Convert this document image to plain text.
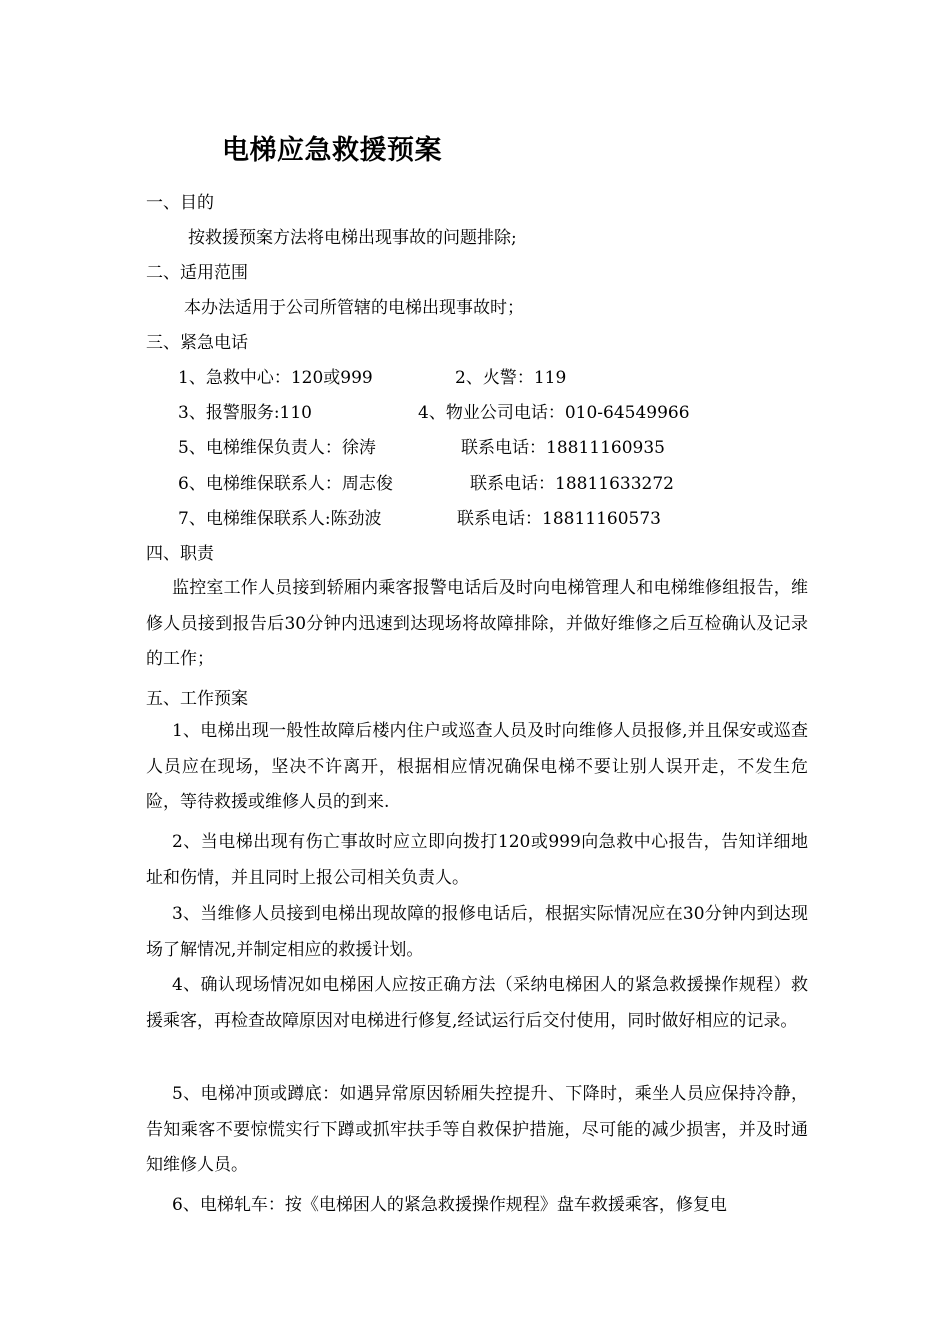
电梯应急救援预案
一、目的
按救援预案方法将电梯出现事故的问题排除;
二、适用范围
本办法适用于公司所管辖的电梯出现事故时；
三、紧急电话
1、急救中心：120或999	2、火警：119
3、报警服务:110	4、物业公司电话：010-64549966
5、电梯维保负责人：徐涛	联系电话：18811160935
6、电梯维保联系人：周志俊	联系电话：18811633272
7、电梯维保联系人:陈劲波	联系电话：18811160573
四、职责
监控室工作人员接到轿厢内乘客报警电话后及时向电梯管理人和电梯维修组报告，维修人员接到报告后30分钟内迅速到达现场将故障排除，并做好维修之后互检确认及记录的工作；
五、工作预案
1、电梯出现一般性故障后楼内住户或巡查人员及时向维修人员报修,并且保安或巡查人员应在现场，坚决不许离开，根据相应情况确保电梯不要让别人误开走，不发生危险，等待救援或维修人员的到来.
2、当电梯出现有伤亡事故时应立即向拨打120或999向急救中心报告，告知详细地址和伤情，并且同时上报公司相关负责人。
3、当维修人员接到电梯出现故障的报修电话后，根据实际情况应在30分钟内到达现场了解情况,并制定相应的救援计划。
4、确认现场情况如电梯困人应按正确方法（采纳电梯困人的紧急救援操作规程）救援乘客，再检查故障原因对电梯进行修复,经试运行后交付使用，同时做好相应的记录。
5、电梯冲顶或蹲底：如遇异常原因轿厢失控提升、下降时，乘坐人员应保持冷静，告知乘客不要惊慌实行下蹲或抓牢扶手等自救保护措施，尽可能的减少损害，并及时通知维修人员。
6、电梯轧车：按《电梯困人的紧急救援操作规程》盘车救援乘客，修复电
